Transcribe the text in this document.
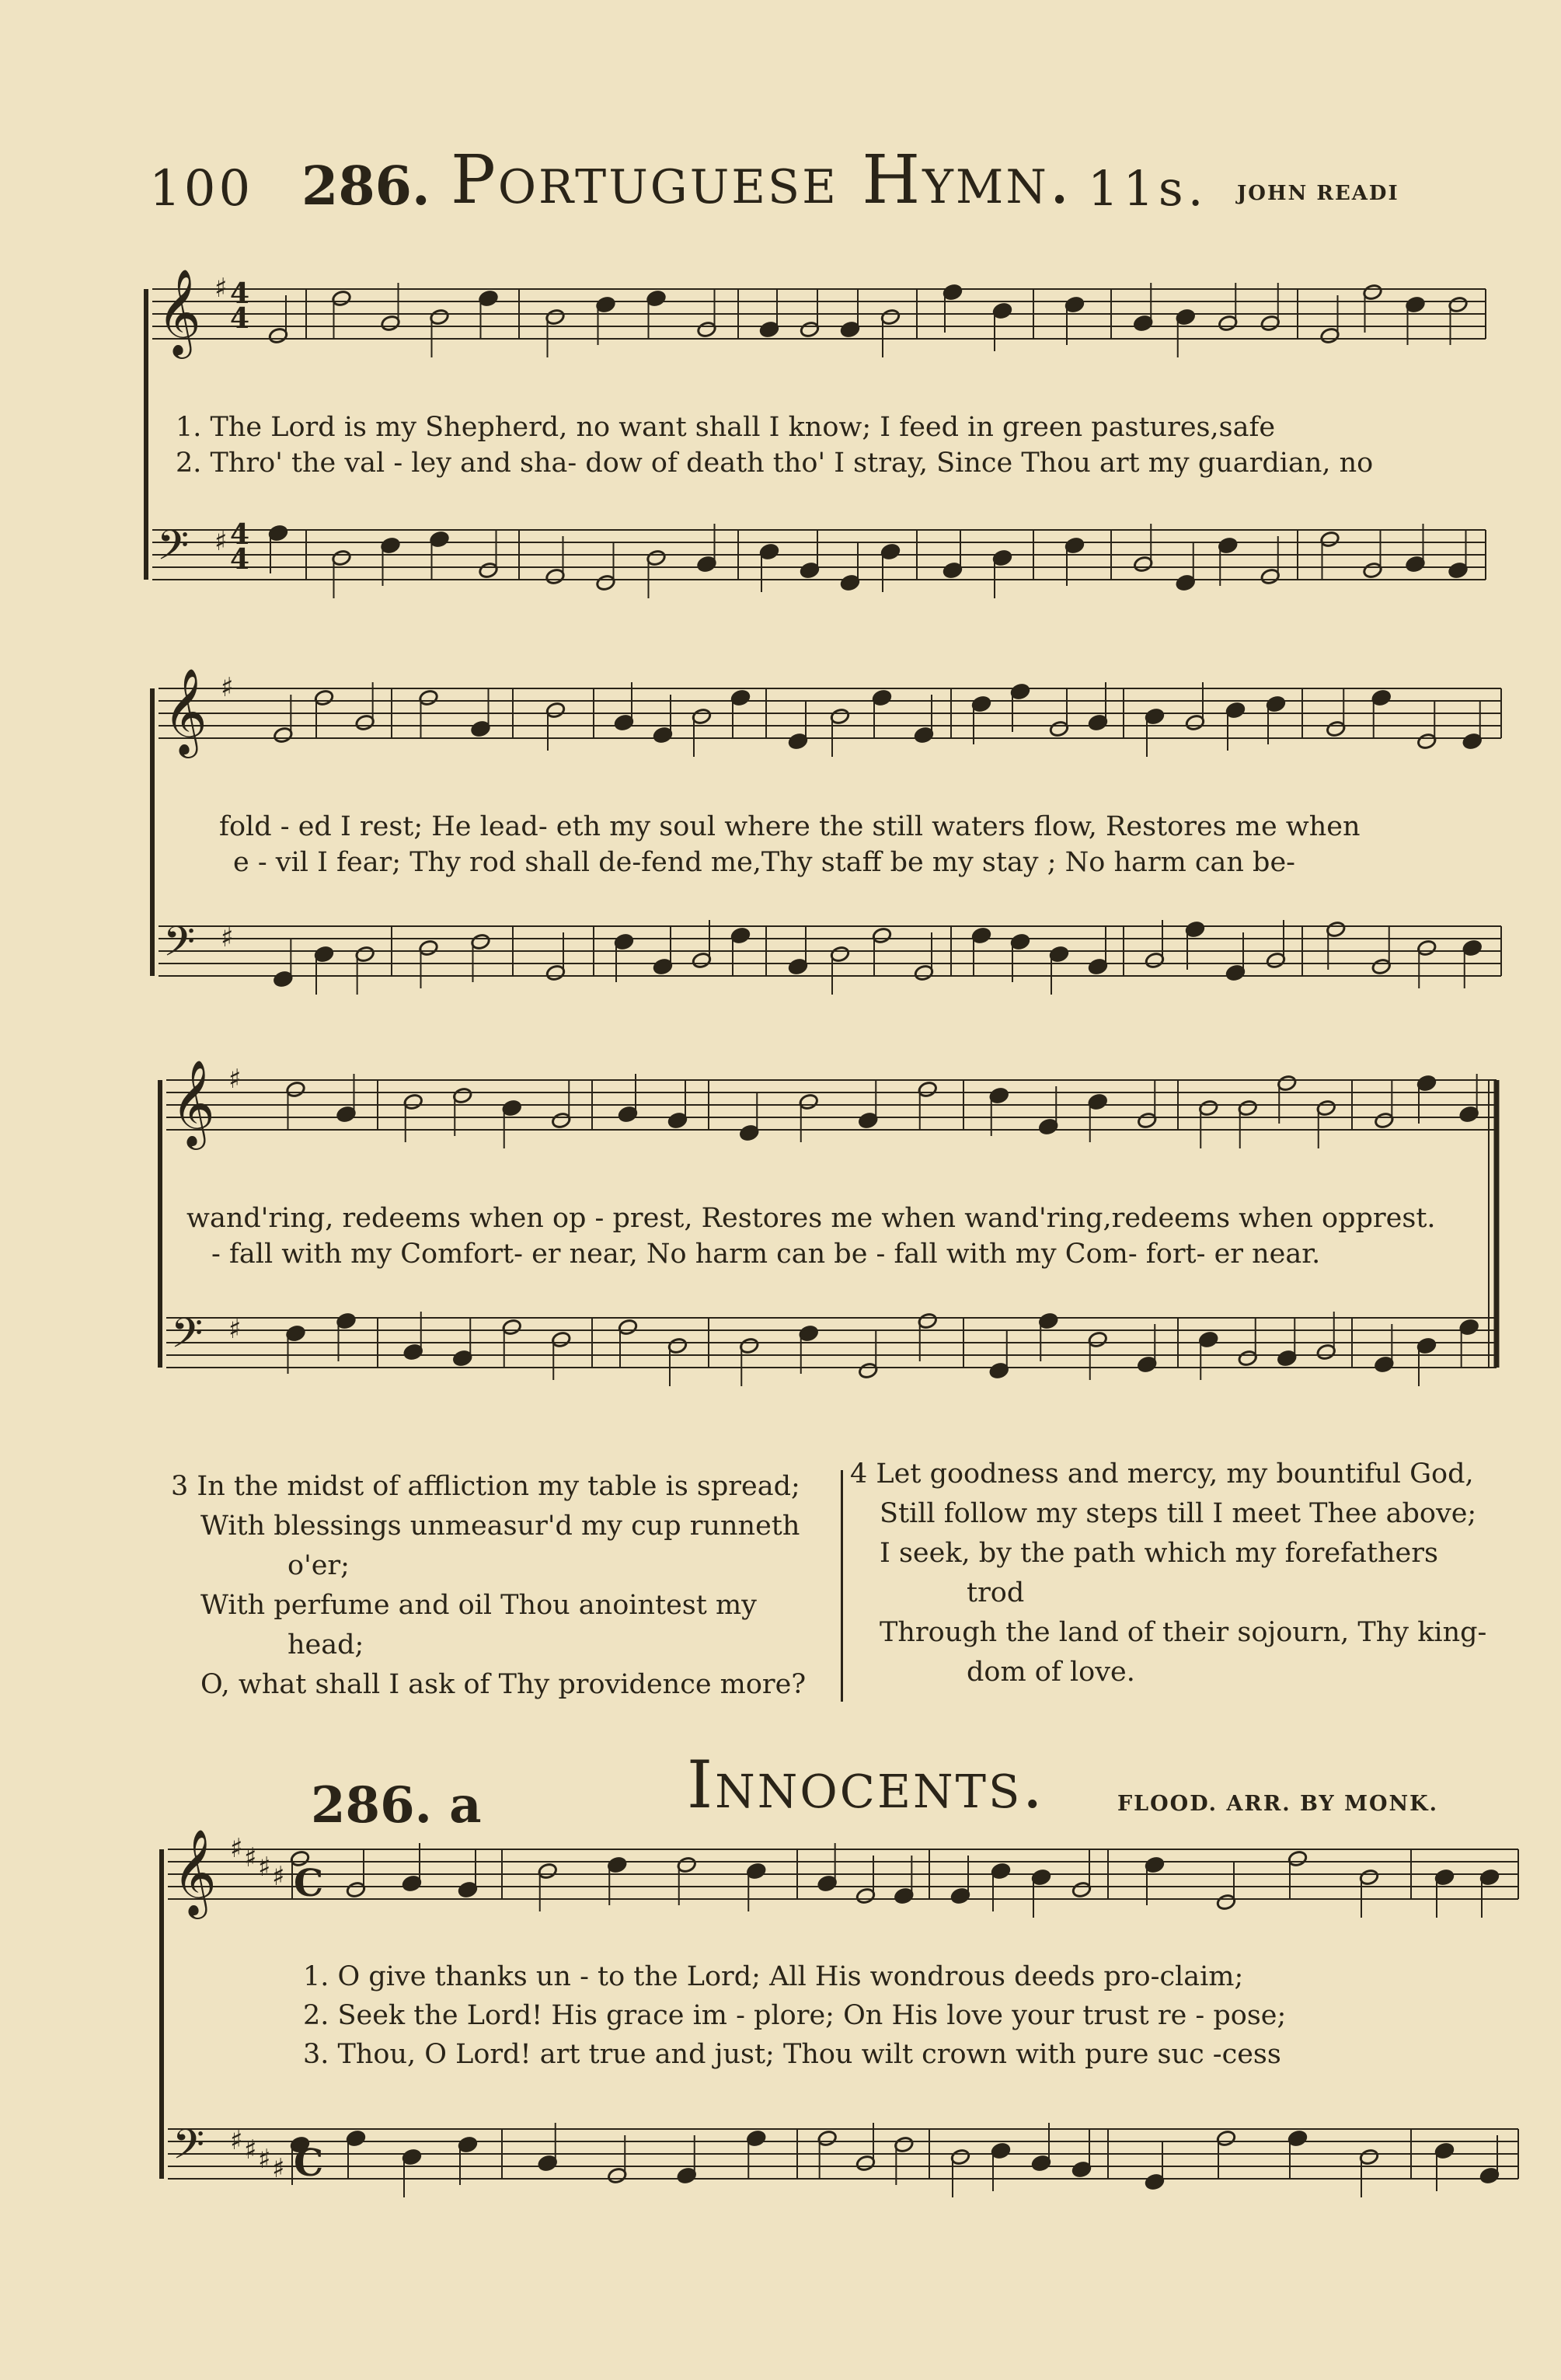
100 286. Portuguese Hymn. 11s. JOHN READI
𝄞
𝄢
♯
♯
4
4
4
4
𝄞
𝄢
♯
♯
𝄞
𝄢
♯
♯
𝄞
𝄢
♯
♯
♯
♯
♯
♯
♯
♯
C
C
1. The Lord is my Shepherd, no want shall I know; I feed in green pastures,safe
2. Thro' the val - ley and sha- dow of death tho' I stray, Since Thou art my guardian, no
fold - ed I rest; He lead- eth my soul where the still waters flow, Restores me when
e - vil I fear; Thy rod shall de-fend me,Thy staff be my stay ; No harm can be-
wand'ring, redeems when op - prest, Restores me when wand'ring,redeems when opprest.
- fall with my Comfort- er near, No harm can be - fall with my Com- fort- er near.
3 In the midst of affliction my table is spread;
With blessings unmeasur'd my cup runneth
o'er;
With perfume and oil Thou anointest my
head;
O, what shall I ask of Thy providence more?
4 Let goodness and mercy, my bountiful God,
Still follow my steps till I meet Thee above;
I seek, by the path which my forefathers
trod
Through the land of their sojourn, Thy king-
dom of love.
286. a	Innocents.	FLOOD. ARR. BY MONK.
1. O give thanks un - to the Lord; All His wondrous deeds pro-claim;
2. Seek the Lord! His grace im - plore; On His love your trust re - pose;
3. Thou, O Lord! art true and just; Thou wilt crown with pure suc -cess
